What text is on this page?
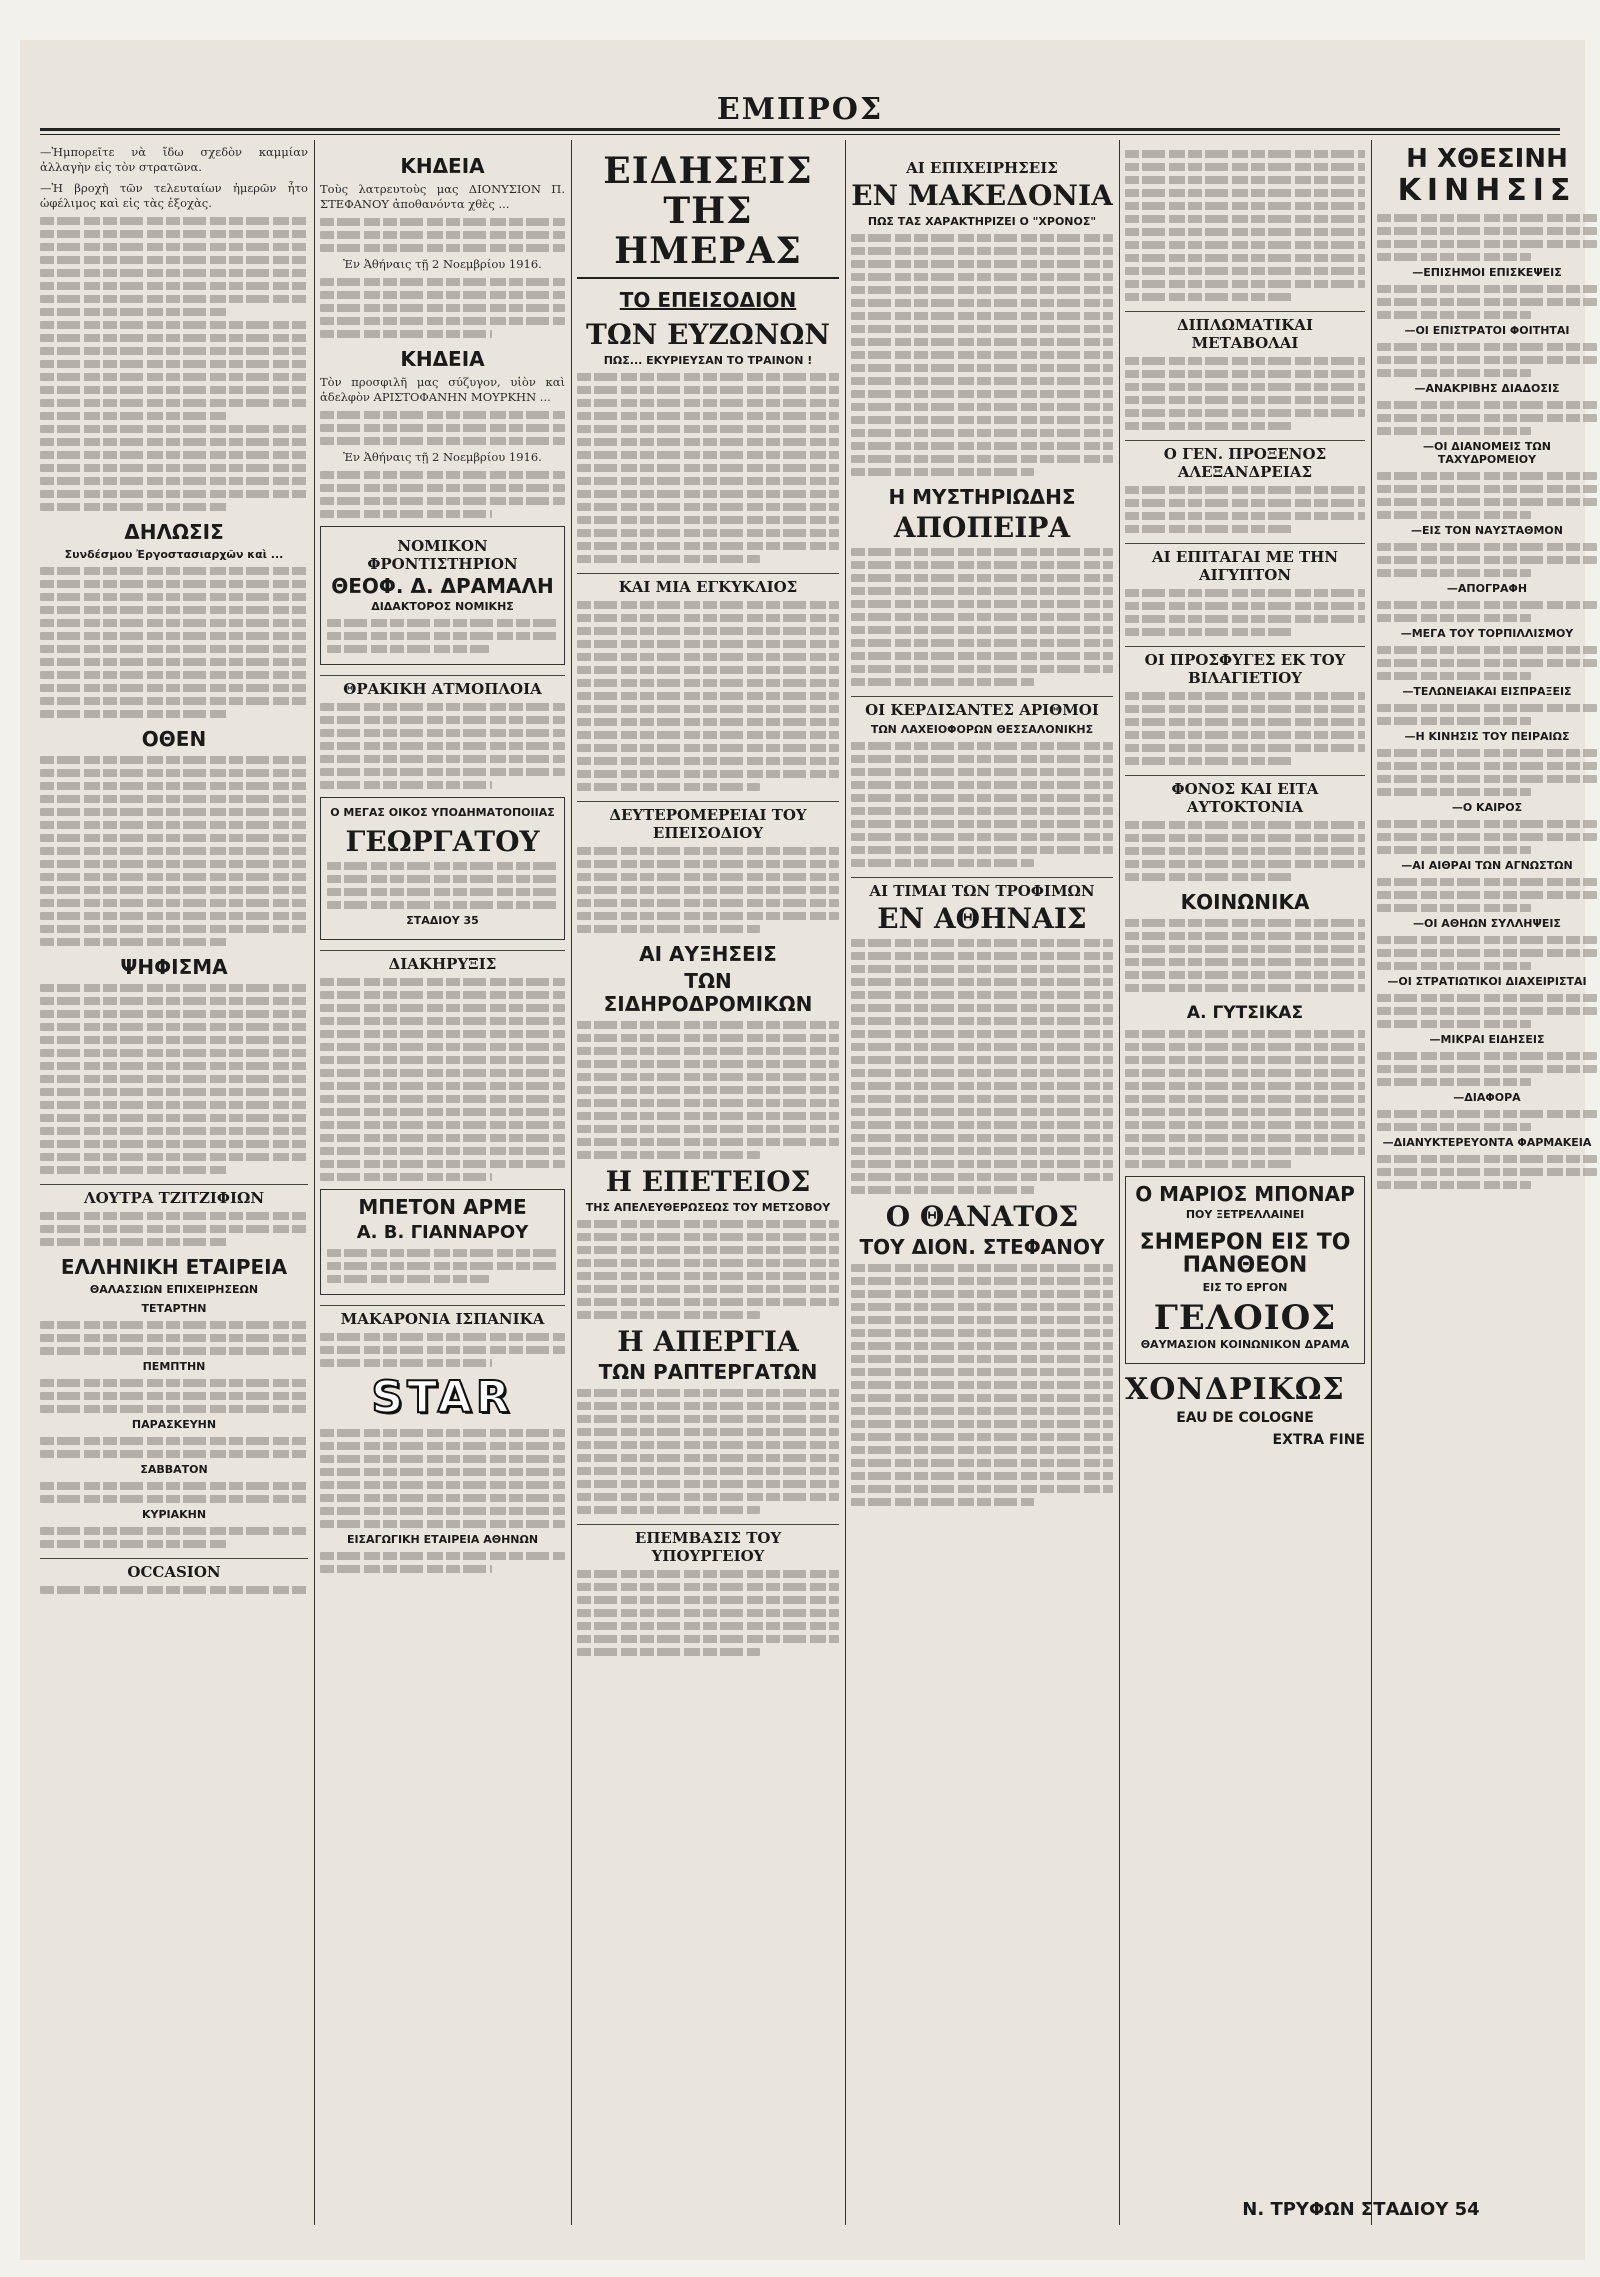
ΕΜΠΡΟΣ

—Ἠμπορεῖτε νὰ ἴδω σχεδὸν καμμίαν ἀλλαγὴν εἰς τὸν στρατῶνα.

—Ἡ βροχὴ τῶν τελευταίων ἡμερῶν ἦτο ὡφέλιμος καὶ εἰς τὰς ἐξοχὰς.

ΔΗΛΩΣΙΣ
Συνδέσμου Ἐργοστασιαρχῶν καὶ ...
ΟΘΕΝ
ΨΗΦΙΣΜΑ
ΛΟΥΤΡΑ ΤΖΙΤΖΙΦΙΩΝ
ΕΛΛΗΝΙΚΗ ΕΤΑΙΡΕΙΑ
ΘΑΛΑΣΣΙΩΝ ΕΠΙΧΕΙΡΗΣΕΩΝ
ΤΕΤΑΡΤΗΝ
ΠΕΜΠΤΗΝ
ΠΑΡΑΣΚΕΥΗΝ
ΣΑΒΒΑΤΟΝ
ΚΥΡΙΑΚΗΝ
OCCASION
ΚΗΔΕΙΑ

Τοὺς λατρευτοὺς μας ΔΙΟΝΥΣΙΟΝ Π. ΣΤΕΦΑΝΟΥ ἀποθανόντα χθὲς ...

Ἐν Ἀθήναις τῇ 2 Νοεμβρίου 1916.

ΚΗΔΕΙΑ

Τὸν προσφιλῆ μας σύζυγον, υἱὸν καὶ ἀδελφὸν ΑΡΙΣΤΟΦΑΝΗΝ ΜΟΥΡΚΗΝ ...

Ἐν Ἀθήναις τῇ 2 Νοεμβρίου 1916.

ΝΟΜΙΚΟΝ ΦΡΟΝΤΙΣΤΗΡΙΟΝ
ΘΕΟΦ. Δ. ΔΡΑΜΑΛΗ
ΔΙΔΑΚΤΟΡΟΣ ΝΟΜΙΚΗΣ
ΘΡΑΚΙΚΗ ΑΤΜΟΠΛΟΙΑ
Ο ΜΕΓΑΣ ΟΙΚΟΣ ΥΠΟΔΗΜΑΤΟΠΟΙΙΑΣ
ΓΕΩΡΓΑΤΟΥ
ΣΤΑΔΙΟΥ 35
ΔΙΑΚΗΡΥΞΙΣ
ΜΠΕΤΟΝ ΑΡΜΕ
Α. Β. ΓΙΑΝΝΑΡΟΥ
ΜΑΚΑΡΟΝΙΑ ΙΣΠΑΝΙΚΑ
STAR
ΕΙΣΑΓΩΓΙΚΗ ΕΤΑΙΡΕΙΑ ΑΘΗΝΩΝ
ΕΙΔΗΣΕΙΣ ΤΗΣ ΗΜΕΡΑΣ
ΤΟ ΕΠΕΙΣΟΔΙΟΝ
ΤΩΝ ΕΥΖΩΝΩΝ
ΠΩΣ... ΕΚΥΡΙΕΥΣΑΝ ΤΟ ΤΡΑΙΝΟΝ !
ΚΑΙ ΜΙΑ ΕΓΚΥΚΛΙΟΣ
ΔΕΥΤΕΡΟΜΕΡΕΙΑΙ ΤΟΥ ΕΠΕΙΣΟΔΙΟΥ
ΑΙ ΑΥΞΗΣΕΙΣ
ΤΩΝ ΣΙΔΗΡΟΔΡΟΜΙΚΩΝ
Η ΕΠΕΤΕΙΟΣ
ΤΗΣ ΑΠΕΛΕΥΘΕΡΩΣΕΩΣ ΤΟΥ ΜΕΤΣΟΒΟΥ
Η ΑΠΕΡΓΙΑ
ΤΩΝ ΡΑΠΤΕΡΓΑΤΩΝ
ΕΠΕΜΒΑΣΙΣ ΤΟΥ ΥΠΟΥΡΓΕΙΟΥ
ΑΙ ΕΠΙΧΕΙΡΗΣΕΙΣ
ΕΝ ΜΑΚΕΔΟΝΙΑ
ΠΩΣ ΤΑΣ ΧΑΡΑΚΤΗΡΙΖΕΙ Ο "ΧΡΟΝΟΣ"
Η ΜΥΣΤΗΡΙΩΔΗΣ
ΑΠΟΠΕΙΡΑ
ΟΙ ΚΕΡΔΙΣΑΝΤΕΣ ΑΡΙΘΜΟΙ
ΤΩΝ ΛΑΧΕΙΟΦΟΡΩΝ ΘΕΣΣΑΛΟΝΙΚΗΣ
ΑΙ ΤΙΜΑΙ ΤΩΝ ΤΡΟΦΙΜΩΝ
ΕΝ ΑΘΗΝΑΙΣ
Ο ΘΑΝΑΤΟΣ
ΤΟΥ ΔΙΟΝ. ΣΤΕΦΑΝΟΥ
ΔΙΠΛΩΜΑΤΙΚΑΙ ΜΕΤΑΒΟΛΑΙ
Ο ΓΕΝ. ΠΡΟΞΕΝΟΣ ΑΛΕΞΑΝΔΡΕΙΑΣ
ΑΙ ΕΠΙΤΑΓΑΙ ΜΕ ΤΗΝ ΑΙΓΥΠΤΟΝ
ΟΙ ΠΡΟΣΦΥΓΕΣ ΕΚ ΤΟΥ ΒΙΛΑΓΙΕΤΙΟΥ
ΦΟΝΟΣ ΚΑΙ ΕΙΤΑ ΑΥΤΟΚΤΟΝΙΑ
ΚΟΙΝΩΝΙΚΑ
Α. ΓΥΤΣΙΚΑΣ
Ο ΜΑΡΙΟΣ ΜΠΟΝΑΡ
ΠΟΥ ΞΕΤΡΕΛΛΑΙΝΕΙ
ΣΗΜΕΡΟΝ ΕΙΣ ΤΟ ΠΑΝΘΕΟΝ
ΕΙΣ ΤΟ ΕΡΓΟΝ
ΓΕΛΟΙΟΣ
ΘΑΥΜΑΣΙΟΝ ΚΟΙΝΩΝΙΚΟΝ ΔΡΑΜΑ
ΧΟΝΔΡΙΚΩΣ
EAU DE COLOGNE
EXTRA FINE
Η ΧΘΕΣΙΝΗ
ΚΙΝΗΣΙΣ
—ΕΠΙΣΗΜΟΙ ΕΠΙΣΚΕΨΕΙΣ
—ΟΙ ΕΠΙΣΤΡΑΤΟΙ ΦΟΙΤΗΤΑΙ
—ΑΝΑΚΡΙΒΗΣ ΔΙΑΔΟΣΙΣ
—ΟΙ ΔΙΑΝΟΜΕΙΣ ΤΩΝ ΤΑΧΥΔΡΟΜΕΙΟΥ
—ΕΙΣ ΤΟΝ ΝΑΥΣΤΑΘΜΟΝ
—ΑΠΟΓΡΑΦΗ
—ΜΕΓΑ ΤΟΥ ΤΟΡΠΙΛΛΙΣΜΟΥ
—ΤΕΛΩΝΕΙΑΚΑΙ ΕΙΣΠΡΑΞΕΙΣ
—Η ΚΙΝΗΣΙΣ ΤΟΥ ΠΕΙΡΑΙΩΣ
—Ο ΚΑΙΡΟΣ
—ΑΙ ΑΙΘΡΑΙ ΤΩΝ ΑΓΝΩΣΤΩΝ
—ΟΙ ΑΘΗΩΝ ΣΥΛΛΗΨΕΙΣ
—ΟΙ ΣΤΡΑΤΙΩΤΙΚΟΙ ΔΙΑΧΕΙΡΙΣΤΑΙ
—ΜΙΚΡΑΙ ΕΙΔΗΣΕΙΣ
—ΔΙΑΦΟΡΑ
—ΔΙΑΝΥΚΤΕΡΕΥΟΝΤΑ ΦΑΡΜΑΚΕΙΑ
Ν. ΤΡΥΦΩΝ ΣΤΑΔΙΟΥ 54
